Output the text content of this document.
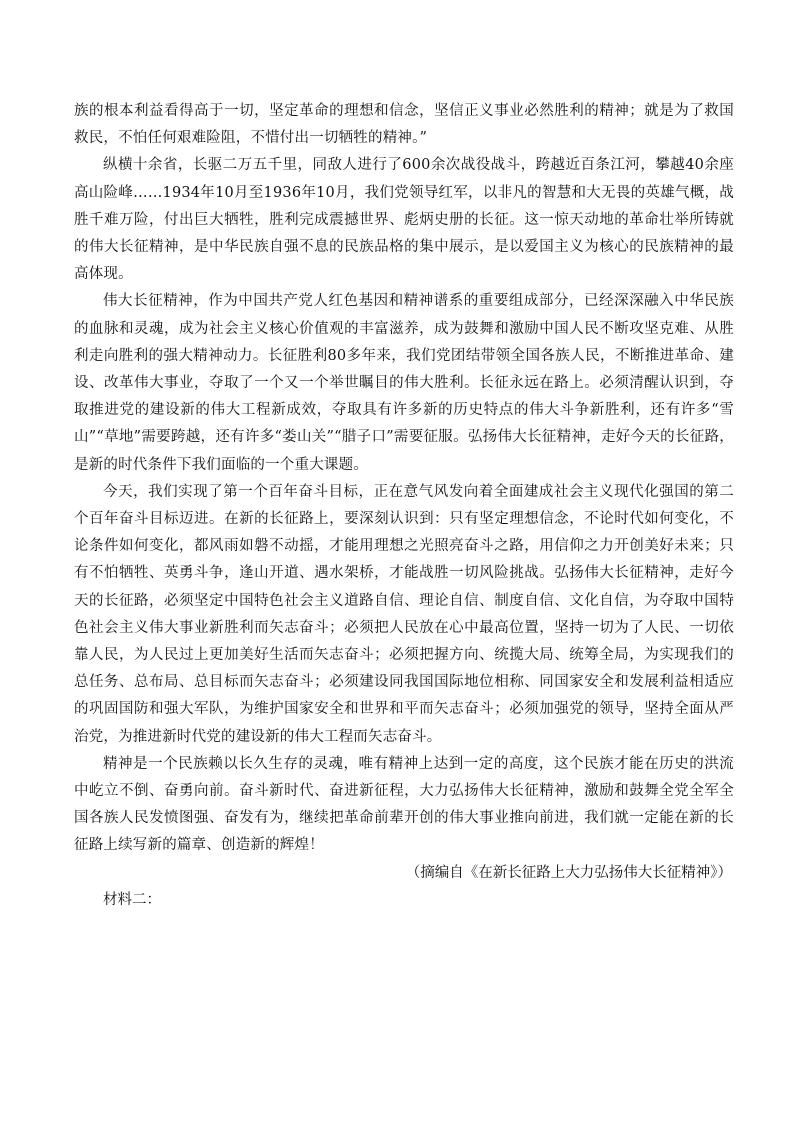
族的根本利益看得高于一切，坚定革命的理想和信念，坚信正义事业必然胜利的精神；就是为了救国救民，不怕任何艰难险阻，不惜付出一切牺牲的精神。”

纵横十余省，长驱二万五千里，同敌人进行了600余次战役战斗，跨越近百条江河，攀越40余座高山险峰……1934年10月至1936年10月，我们党领导红军，以非凡的智慧和大无畏的英雄气概，战胜千难万险，付出巨大牺牲，胜利完成震撼世界、彪炳史册的长征。这一惊天动地的革命壮举所铸就的伟大长征精神，是中华民族自强不息的民族品格的集中展示，是以爱国主义为核心的民族精神的最高体现。

伟大长征精神，作为中国共产党人红色基因和精神谱系的重要组成部分，已经深深融入中华民族的血脉和灵魂，成为社会主义核心价值观的丰富滋养，成为鼓舞和激励中国人民不断攻坚克难、从胜利走向胜利的强大精神动力。长征胜利80多年来，我们党团结带领全国各族人民，不断推进革命、建设、改革伟大事业，夺取了一个又一个举世瞩目的伟大胜利。长征永远在路上。必须清醒认识到，夺取推进党的建设新的伟大工程新成效，夺取具有许多新的历史特点的伟大斗争新胜利，还有许多“雪山”“草地”需要跨越，还有许多“娄山关”“腊子口”需要征服。弘扬伟大长征精神，走好今天的长征路，是新的时代条件下我们面临的一个重大课题。

今天，我们实现了第一个百年奋斗目标，正在意气风发向着全面建成社会主义现代化强国的第二个百年奋斗目标迈进。在新的长征路上，要深刻认识到：只有坚定理想信念，不论时代如何变化，不论条件如何变化，都风雨如磐不动摇，才能用理想之光照亮奋斗之路，用信仰之力开创美好未来；只有不怕牺牲、英勇斗争，逢山开道、遇水架桥，才能战胜一切风险挑战。弘扬伟大长征精神，走好今天的长征路，必须坚定中国特色社会主义道路自信、理论自信、制度自信、文化自信，为夺取中国特色社会主义伟大事业新胜利而矢志奋斗；必须把人民放在心中最高位置，坚持一切为了人民、一切依靠人民，为人民过上更加美好生活而矢志奋斗；必须把握方向、统揽大局、统筹全局，为实现我们的总任务、总布局、总目标而矢志奋斗；必须建设同我国国际地位相称、同国家安全和发展利益相适应的巩固国防和强大军队，为维护国家安全和世界和平而矢志奋斗；必须加强党的领导，坚持全面从严治党，为推进新时代党的建设新的伟大工程而矢志奋斗。

精神是一个民族赖以长久生存的灵魂，唯有精神上达到一定的高度，这个民族才能在历史的洪流中屹立不倒、奋勇向前。奋斗新时代、奋进新征程，大力弘扬伟大长征精神，激励和鼓舞全党全军全国各族人民发愤图强、奋发有为，继续把革命前辈开创的伟大事业推向前进，我们就一定能在新的长征路上续写新的篇章、创造新的辉煌！

（摘编自《在新长征路上大力弘扬伟大长征精神》）

材料二：
